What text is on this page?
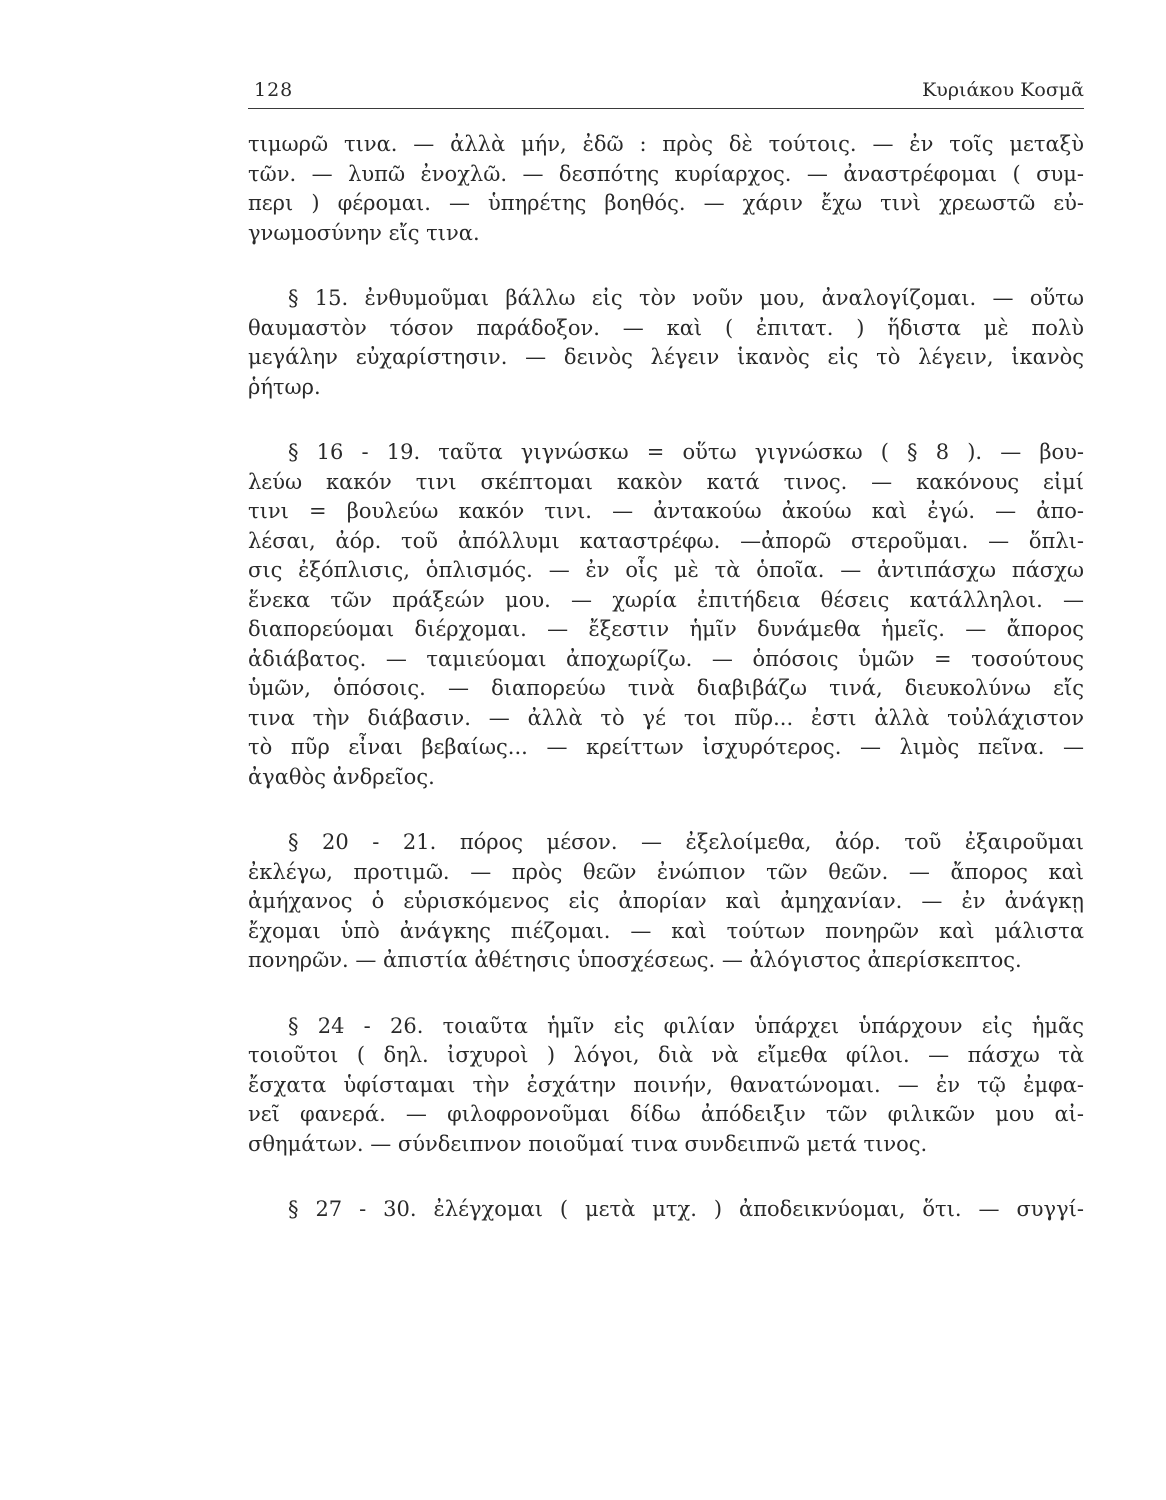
128	Κυριάκου Κοσμᾶ
τιμωρῶ τινα. — ἀλλὰ μήν, ἐδῶ : πρὸς δὲ τούτοις. — ἐν τοῖς μεταξὺ
τῶν. — λυπῶ ἐνοχλῶ. — δεσπότης κυρίαρχος. — ἀναστρέφομαι ( συμ-
περι ) φέρομαι. — ὑπηρέτης βοηθός. — χάριν ἔχω τινὶ χρεωστῶ εὐ-
γνωμοσύνην εἴς τινα.
§ 15. ἐνθυμοῦμαι βάλλω εἰς τὸν νοῦν μου, ἀναλογίζομαι. — οὕτω
θαυμαστὸν τόσον παράδοξον. — καὶ ( ἐπιτατ. ) ἥδιστα μὲ πολὺ
μεγάλην εὐχαρίστησιν. — δεινὸς λέγειν ἱκανὸς εἰς τὸ λέγειν, ἱκανὸς
ῥήτωρ.
§ 16 - 19. ταῦτα γιγνώσκω = οὕτω γιγνώσκω ( § 8 ). — βου-
λεύω κακόν τινι σκέπτομαι κακὸν κατά τινος. — κακόνους εἰμί
τινι = βουλεύω κακόν τινι. — ἀντακούω ἀκούω καὶ ἐγώ. — ἀπο-
λέσαι, ἀόρ. τοῦ ἀπόλλυμι καταστρέφω. —ἀπορῶ στεροῦμαι. — ὅπλι-
σις ἐξόπλισις, ὁπλισμός. — ἐν οἷς μὲ τὰ ὁποῖα. — ἀντιπάσχω πάσχω
ἕνεκα τῶν πράξεών μου. — χωρία ἐπιτήδεια θέσεις κατάλληλοι. —
διαπορεύομαι διέρχομαι. — ἔξεστιν ἡμῖν δυνάμεθα ἡμεῖς. — ἄπορος
ἀδιάβατος. — ταμιεύομαι ἀποχωρίζω. — ὁπόσοις ὑμῶν = τοσούτους
ὑμῶν, ὁπόσοις. — διαπορεύω τινὰ διαβιβάζω τινά, διευκολύνω εἴς
τινα τὴν διάβασιν. — ἀλλὰ τὸ γέ τοι πῦρ... ἐστι ἀλλὰ τοὐλάχιστον
τὸ πῦρ εἶναι βεβαίως... — κρείττων ἰσχυρότερος. — λιμὸς πεῖνα. —
ἀγαθὸς ἀνδρεῖος.
§ 20 - 21. πόρος μέσον. — ἐξελοίμεθα, ἀόρ. τοῦ ἐξαιροῦμαι
ἐκλέγω, προτιμῶ. — πρὸς θεῶν ἐνώπιον τῶν θεῶν. — ἄπορος καὶ
ἀμήχανος ὁ εὑρισκόμενος εἰς ἀπορίαν καὶ ἀμηχανίαν. — ἐν ἀνάγκῃ
ἔχομαι ὑπὸ ἀνάγκης πιέζομαι. — καὶ τούτων πονηρῶν καὶ μάλιστα
πονηρῶν. — ἀπιστία ἀθέτησις ὑποσχέσεως. — ἀλόγιστος ἀπερίσκεπτος.
§ 24 - 26. τοιαῦτα ἡμῖν εἰς φιλίαν ὑπάρχει ὑπάρχουν εἰς ἡμᾶς
τοιοῦτοι ( δηλ. ἰσχυροὶ ) λόγοι, διὰ νὰ εἴμεθα φίλοι. — πάσχω τὰ
ἔσχατα ὑφίσταμαι τὴν ἐσχάτην ποινήν, θανατώνομαι. — ἐν τῷ ἐμφα-
νεῖ φανερά. — φιλοφρονοῦμαι δίδω ἀπόδειξιν τῶν φιλικῶν μου αἰ-
σθημάτων. — σύνδειπνον ποιοῦμαί τινα συνδειπνῶ μετά τινος.
§ 27 - 30. ἐλέγχομαι ( μετὰ μτχ. ) ἀποδεικνύομαι, ὅτι. — συγγί-
